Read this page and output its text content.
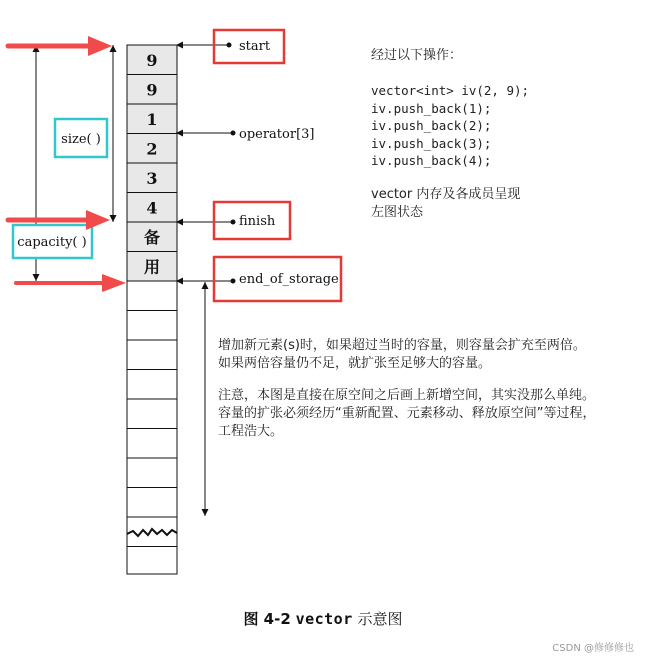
9
9
1
2
3
4
备
用
start
operator[3]
finish
end_of_storage
size( )
capacity( )
经过以下操作：
vector<int> iv(2, 9);
iv.push_back(1);
iv.push_back(2);
iv.push_back(3);
iv.push_back(4);
vector 内存及各成员呈现
左图状态
增加新元素(s)时，如果超过当时的容量，则容量会扩充至两倍。
如果两倍容量仍不足，就扩张至足够大的容量。
注意，本图是直接在原空间之后画上新增空间，其实没那么单纯。
容量的扩张必须经历“重新配置、元素移动、释放原空间”等过程，
工程浩大。
图 4-2 vector 示意图
CSDN @修修修也
